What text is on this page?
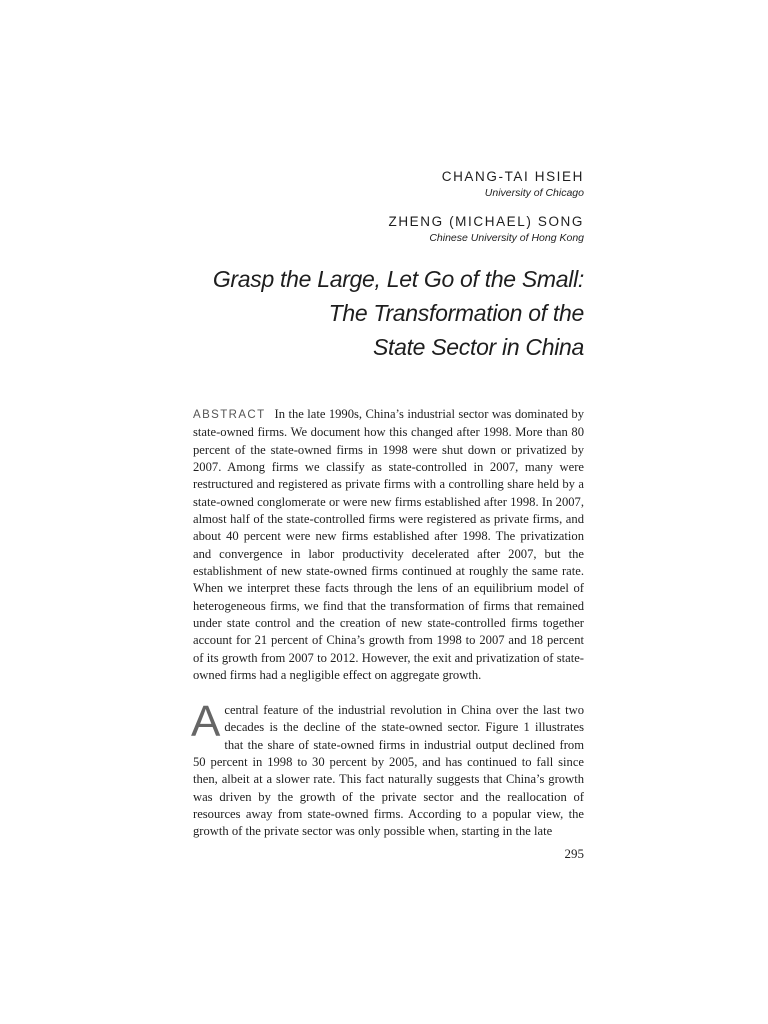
CHANG-TAI HSIEH
University of Chicago
ZHENG (MICHAEL) SONG
Chinese University of Hong Kong
Grasp the Large, Let Go of the Small:
The Transformation of the
State Sector in China
ABSTRACT In the late 1990s, China’s industrial sector was dominated by state-owned firms. We document how this changed after 1998. More than 80 percent of the state-owned firms in 1998 were shut down or privatized by 2007. Among firms we classify as state-controlled in 2007, many were restructured and registered as private firms with a controlling share held by a state-owned conglomerate or were new firms established after 1998. In 2007, almost half of the state-controlled firms were registered as private firms, and about 40 percent were new firms established after 1998. The privatization and convergence in labor productivity decelerated after 2007, but the establishment of new state-owned firms continued at roughly the same rate. When we interpret these facts through the lens of an equilibrium model of heterogeneous firms, we find that the transformation of firms that remained under state control and the creation of new state-controlled firms together account for 21 percent of China’s growth from 1998 to 2007 and 18 percent of its growth from 2007 to 2012. However, the exit and privatization of state-owned firms had a negligible effect on aggregate growth.
Acentral feature of the industrial revolution in China over the last two decades is the decline of the state-owned sector. Figure 1 illustrates that the share of state-owned firms in industrial output declined from 50 percent in 1998 to 30 percent by 2005, and has continued to fall since then, albeit at a slower rate. This fact naturally suggests that China’s growth was driven by the growth of the private sector and the reallocation of resources away from state-owned firms. According to a popular view, the growth of the private sector was only possible when, starting in the late
295
